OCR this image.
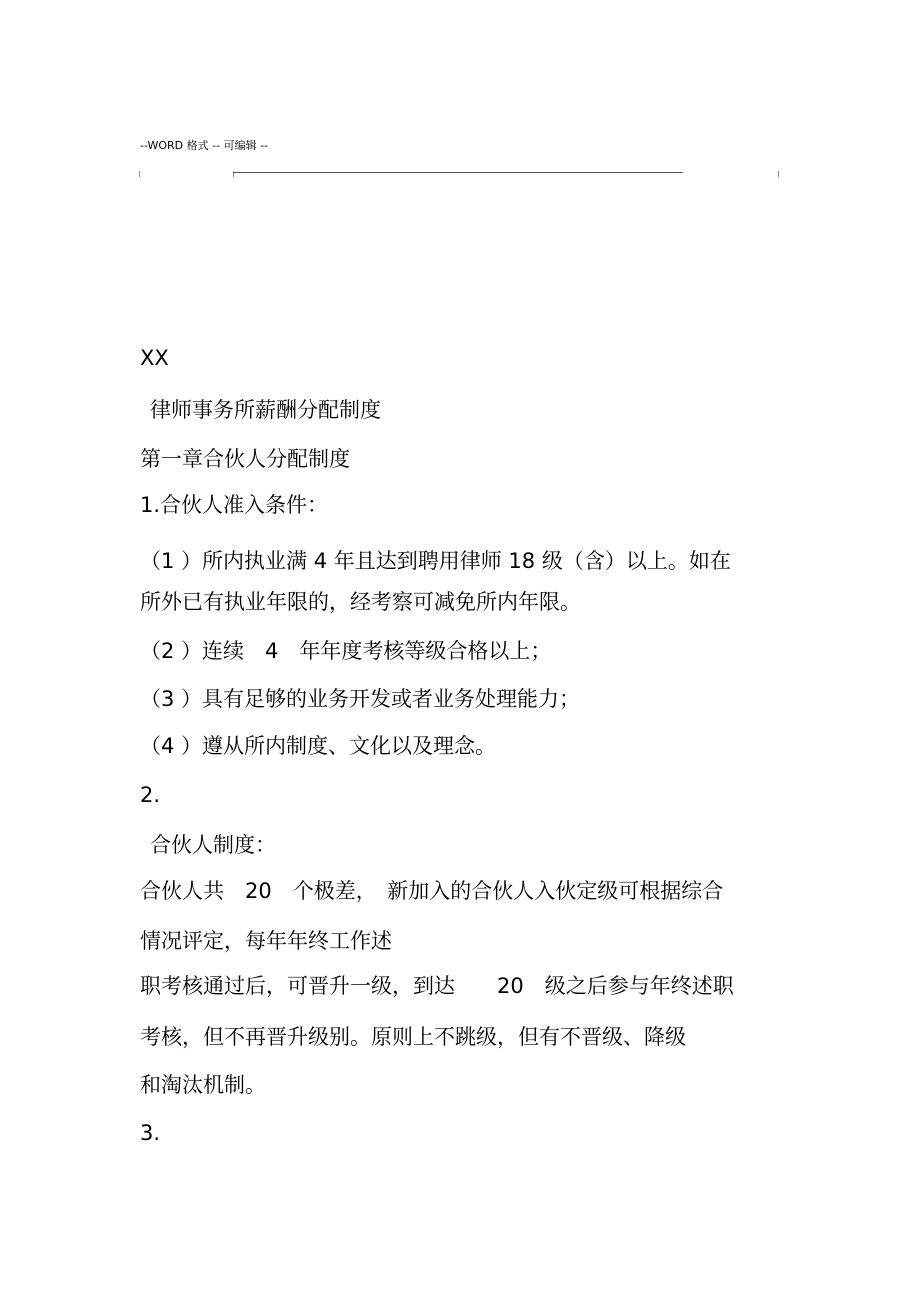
--WORD 格式 -- 可编辑 --
XX
律师事务所薪酬分配制度
第一章合伙人分配制度
1.合伙人准入条件：
（1 ）所内执业满 4 年且达到聘用律师 18 级（含）以上。如在
所外已有执业年限的，经考察可减免所内年限。
（2 ）连续　4　年年度考核等级合格以上；
（3 ）具有足够的业务开发或者业务处理能力；
（4 ）遵从所内制度、文化以及理念。
2.
合伙人制度：
合伙人共　20　个极差，　新加入的合伙人入伙定级可根据综合
情况评定，每年年终工作述
职考核通过后，可晋升一级，到达　　20　级之后参与年终述职
考核，但不再晋升级别。原则上不跳级，但有不晋级、降级
和淘汰机制。
3.
